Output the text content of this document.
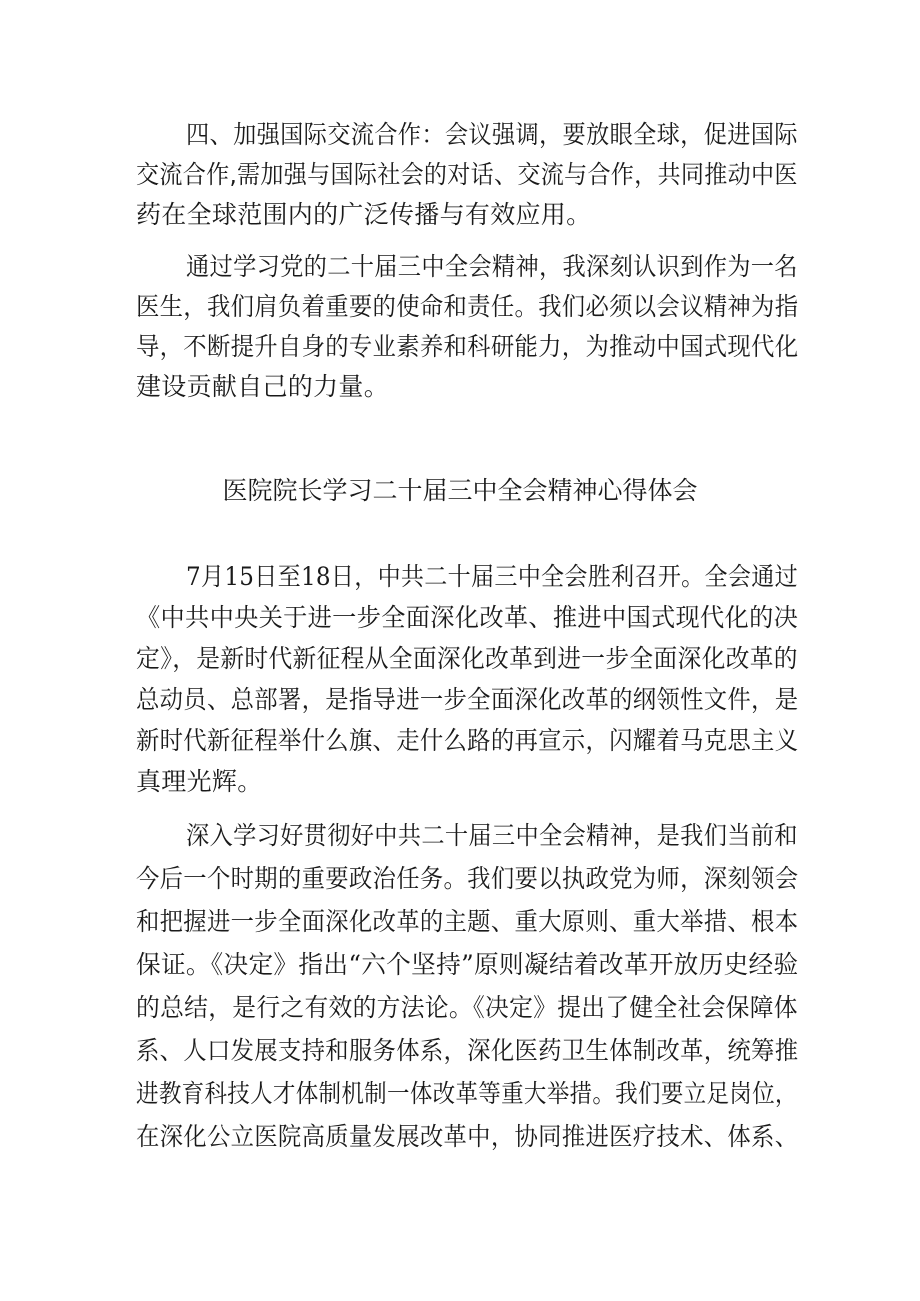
四、加强国际交流合作：会议强调，要放眼全球，促进国际
交流合作,需加强与国际社会的对话、交流与合作，共同推动中医
药在全球范围内的广泛传播与有效应用。
通过学习党的二十届三中全会精神，我深刻认识到作为一名
医生，我们肩负着重要的使命和责任。我们必须以会议精神为指
导，不断提升自身的专业素养和科研能力，为推动中国式现代化
建设贡献自己的力量。
医院院长学习二十届三中全会精神心得体会
7月15日至18日，中共二十届三中全会胜利召开。全会通过
《中共中央关于进一步全面深化改革、推进中国式现代化的决
定》，是新时代新征程从全面深化改革到进一步全面深化改革的
总动员、总部署，是指导进一步全面深化改革的纲领性文件，是
新时代新征程举什么旗、走什么路的再宣示，闪耀着马克思主义
真理光辉。
深入学习好贯彻好中共二十届三中全会精神，是我们当前和
今后一个时期的重要政治任务。我们要以执政党为师，深刻领会
和把握进一步全面深化改革的主题、重大原则、重大举措、根本
保证。《决定》指出“六个坚持”原则凝结着改革开放历史经验
的总结，是行之有效的方法论。《决定》提出了健全社会保障体
系、人口发展支持和服务体系，深化医药卫生体制改革，统筹推
进教育科技人才体制机制一体改革等重大举措。我们要立足岗位，
在深化公立医院高质量发展改革中，协同推进医疗技术、体系、
